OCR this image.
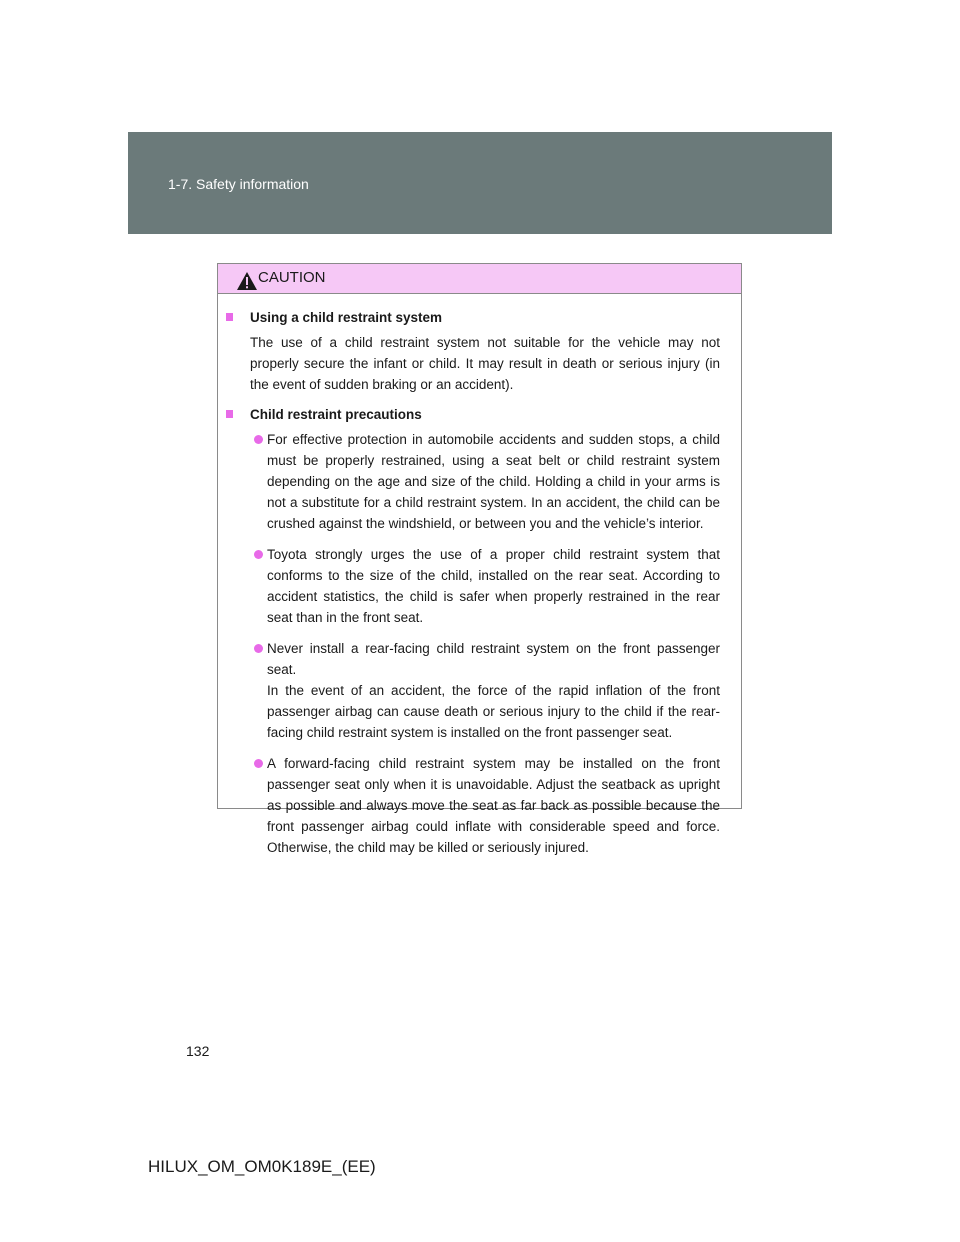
1-7. Safety information
CAUTION
Using a child restraint system
The use of a child restraint system not suitable for the vehicle may not properly secure the infant or child. It may result in death or serious injury (in the event of sudden braking or an accident).
Child restraint precautions
For effective protection in automobile accidents and sudden stops, a child must be properly restrained, using a seat belt or child restraint system depending on the age and size of the child. Holding a child in your arms is not a substitute for a child restraint system. In an accident, the child can be crushed against the windshield, or between you and the vehicle’s interior.
Toyota strongly urges the use of a proper child restraint system that conforms to the size of the child, installed on the rear seat. According to accident statistics, the child is safer when properly restrained in the rear seat than in the front seat.
Never install a rear-facing child restraint system on the front passenger seat.
In the event of an accident, the force of the rapid inflation of the front passenger airbag can cause death or serious injury to the child if the rear-facing child restraint system is installed on the front passenger seat.
A forward-facing child restraint system may be installed on the front passenger seat only when it is unavoidable. Adjust the seatback as upright as possible and always move the seat as far back as possible because the front passenger airbag could inflate with considerable speed and force. Otherwise, the child may be killed or seriously injured.
132
HILUX_OM_OM0K189E_(EE)
